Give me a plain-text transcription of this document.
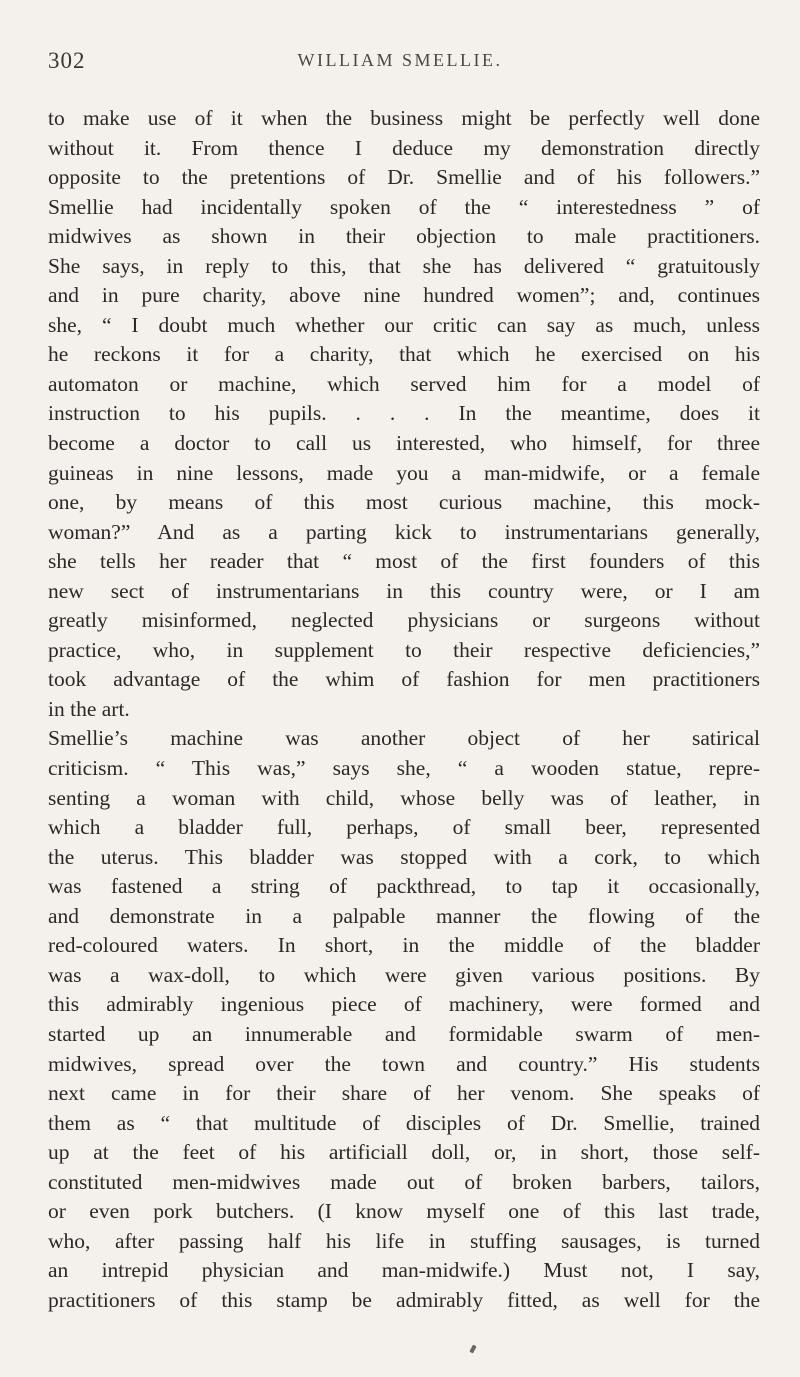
302	WILLIAM SMELLIE.
to make use of it when the business might be perfectly well done
without it. From thence I deduce my demonstration directly
opposite to the pretentions of Dr. Smellie and of his followers.”
Smellie had incidentally spoken of the “ interestedness ” of
midwives as shown in their objection to male practitioners.
She says, in reply to this, that she has delivered “ gratuitously
and in pure charity, above nine hundred women”; and, continues
she, “ I doubt much whether our critic can say as much, unless
he reckons it for a charity, that which he exercised on his
automaton or machine, which served him for a model of
instruction to his pupils. . . . In the meantime, does it
become a doctor to call us interested, who himself, for three
guineas in nine lessons, made you a man-midwife, or a female
one, by means of this most curious machine, this mock-
woman?” And as a parting kick to instrumentarians generally,
she tells her reader that “ most of the first founders of this
new sect of instrumentarians in this country were, or I am
greatly misinformed, neglected physicians or surgeons without
practice, who, in supplement to their respective deficiencies,”
took advantage of the whim of fashion for men practitioners
in the art.
Smellie’s machine was another object of her satirical
criticism. “ This was,” says she, “ a wooden statue, repre-
senting a woman with child, whose belly was of leather, in
which a bladder full, perhaps, of small beer, represented
the uterus. This bladder was stopped with a cork, to which
was fastened a string of packthread, to tap it occasionally,
and demonstrate in a palpable manner the flowing of the
red-coloured waters. In short, in the middle of the bladder
was a wax-doll, to which were given various positions. By
this admirably ingenious piece of machinery, were formed and
started up an innumerable and formidable swarm of men-
midwives, spread over the town and country.” His students
next came in for their share of her venom. She speaks of
them as “ that multitude of disciples of Dr. Smellie, trained
up at the feet of his artificiall doll, or, in short, those self-
constituted men-midwives made out of broken barbers, tailors,
or even pork butchers. (I know myself one of this last trade,
who, after passing half his life in stuffing sausages, is turned
an intrepid physician and man-midwife.) Must not, I say,
practitioners of this stamp be admirably fitted, as well for the
